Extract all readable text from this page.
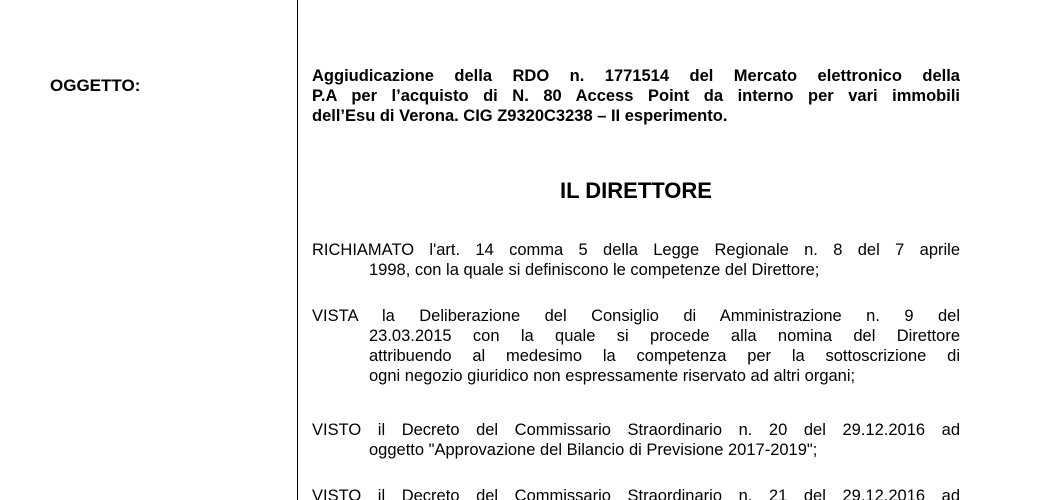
OGGETTO:	Aggiudicazione della RDO n. 1771514 del Mercato elettronico della
P.A per l’acquisto di N. 80 Access Point da interno per vari immobili
dell’Esu di Verona. CIG Z9320C3238 – II esperimento.
IL DIRETTORE
RICHIAMATO l'art. 14 comma 5 della Legge Regionale n. 8 del 7 aprile
1998, con la quale si definiscono le competenze del Direttore;
VISTA la Deliberazione del Consiglio di Amministrazione n. 9 del
23.03.2015 con la quale si procede alla nomina del Direttore
attribuendo al medesimo la competenza per la sottoscrizione di
ogni negozio giuridico non espressamente riservato ad altri organi;
VISTO il Decreto del Commissario Straordinario n. 20 del 29.12.2016 ad
oggetto "Approvazione del Bilancio di Previsione 2017-2019";
VISTO il Decreto del Commissario Straordinario n. 21 del 29.12.2016 ad
